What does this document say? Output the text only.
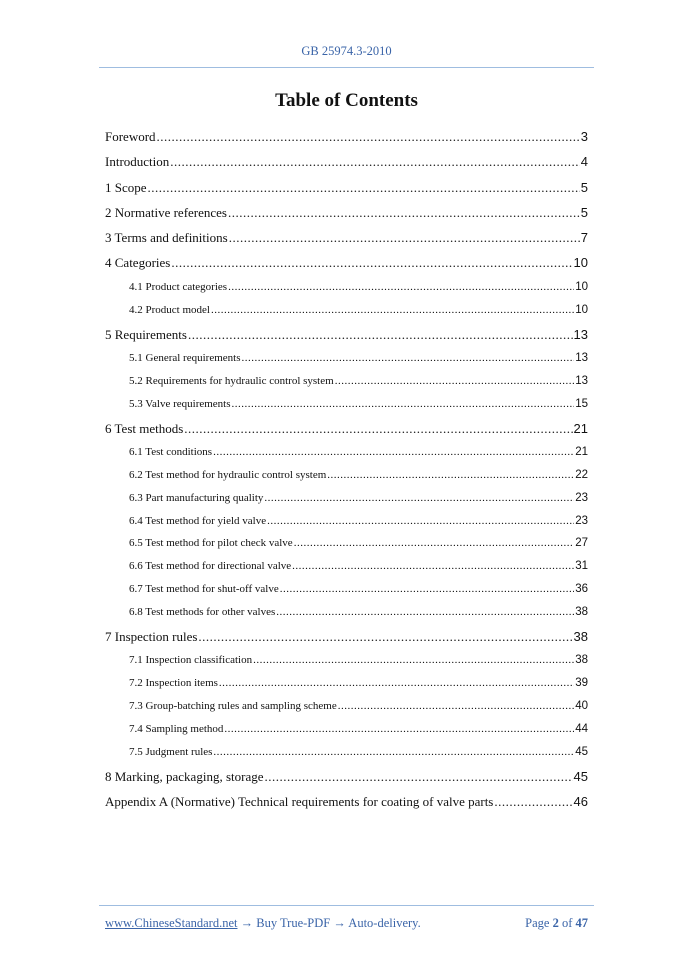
GB 25974.3-2010
Table of Contents
Foreword .....	3
Introduction .....	4
1 Scope .....	5
2 Normative references .....	5
3 Terms and definitions .....	7
4 Categories .....	10
4.1 Product categories .....	10
4.2 Product model .....	10
5 Requirements .....	13
5.1 General requirements .....	13
5.2 Requirements for hydraulic control system .....	13
5.3 Valve requirements .....	15
6 Test methods .....	21
6.1 Test conditions .....	21
6.2 Test method for hydraulic control system .....	22
6.3 Part manufacturing quality .....	23
6.4 Test method for yield valve .....	23
6.5 Test method for pilot check valve .....	27
6.6 Test method for directional valve .....	31
6.7 Test method for shut-off valve .....	36
6.8 Test methods for other valves .....	38
7 Inspection rules .....	38
7.1 Inspection classification .....	38
7.2 Inspection items .....	39
7.3 Group-batching rules and sampling scheme .....	40
7.4 Sampling method .....	44
7.5 Judgment rules .....	45
8 Marking, packaging, storage .....	45
Appendix A (Normative) Technical requirements for coating of valve parts .....	46
www.ChineseStandard.net → Buy True-PDF → Auto-delivery.	Page 2 of 47
